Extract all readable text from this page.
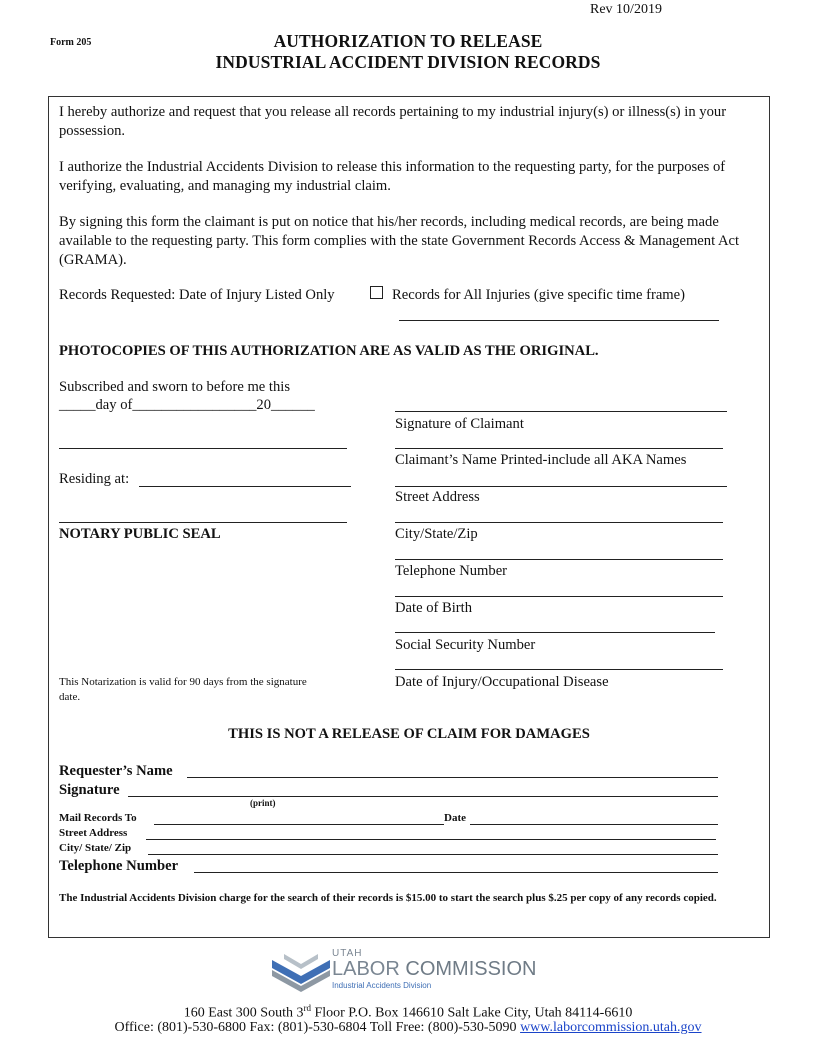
Rev 10/2019
Form 205	AUTHORIZATION TO RELEASE
INDUSTRIAL ACCIDENT DIVISION RECORDS
I hereby authorize and request that you release all records pertaining to my industrial injury(s) or illness(s) in your possession.
I authorize the Industrial Accidents Division to release this information to the requesting party, for the purposes of verifying, evaluating, and managing my industrial claim.
By signing this form the claimant is put on notice that his/her records, including medical records, are being made available to the requesting party. This form complies with the state Government Records Access & Management Act (GRAMA).
Records Requested: Date of Injury Listed Only	Records for All Injuries (give specific time frame)
PHOTOCOPIES OF THIS AUTHORIZATION ARE AS VALID AS THE ORIGINAL.
Subscribed and sworn to before me this
_____day of_________________20______
Residing at:
NOTARY PUBLIC SEAL
This Notarization is valid for 90 days from the signature date.
Signature of Claimant
Claimant’s Name Printed-include all AKA Names
Street Address
City/State/Zip
Telephone Number
Date of Birth
Social Security Number
Date of Injury/Occupational Disease
THIS IS NOT A RELEASE OF CLAIM FOR DAMAGES
Requester’s Name
Signature
(print)
Mail Records To	Date
Street Address
City/ State/ Zip
Telephone Number
The Industrial Accidents Division charge for the search of their records is $15.00 to start the search plus $.25 per copy of any records copied.
UTAH
LABOR COMMISSION
Industrial Accidents Division
160 East 300 South 3rd Floor P.O. Box 146610 Salt Lake City, Utah 84114-6610
Office: (801)-530-6800 Fax: (801)-530-6804 Toll Free: (800)-530-5090 www.laborcommission.utah.gov
